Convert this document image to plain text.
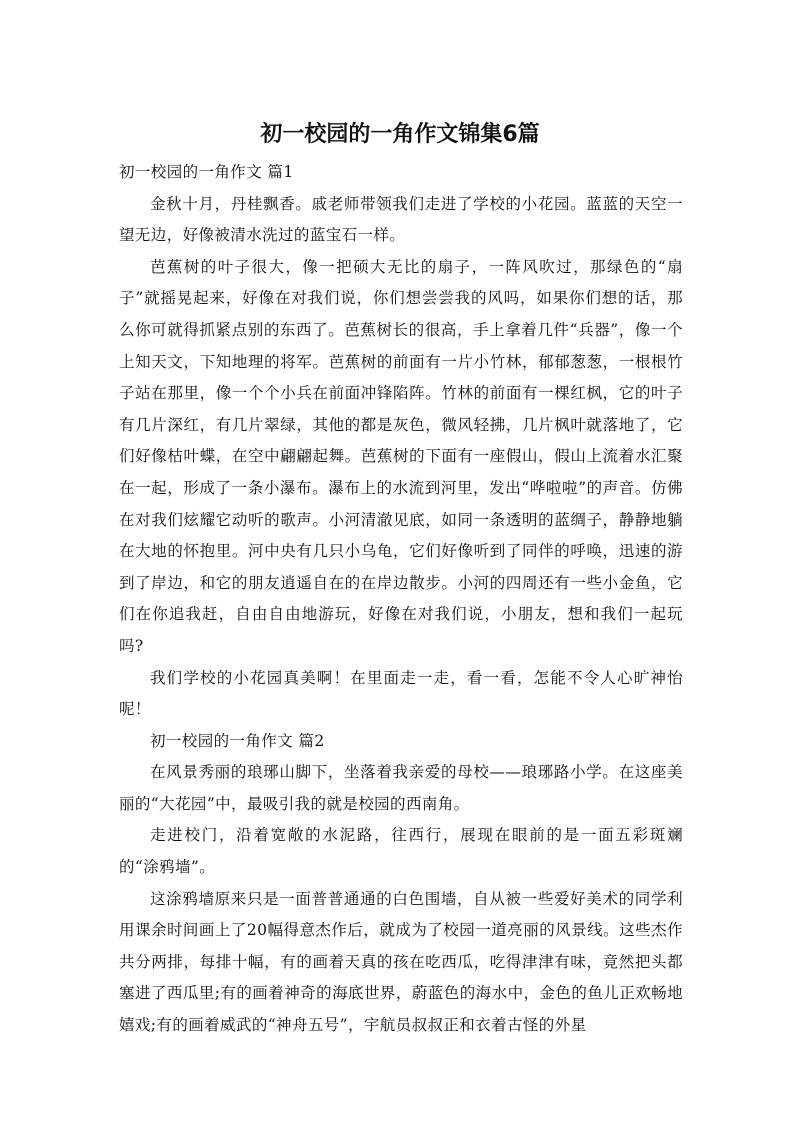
初一校园的一角作文锦集6篇

初一校园的一角作文 篇1

金秋十月，丹桂飘香。戚老师带领我们走进了学校的小花园。蓝蓝的天空一望无边，好像被清水洗过的蓝宝石一样。

芭蕉树的叶子很大，像一把硕大无比的扇子，一阵风吹过，那绿色的“扇子”就摇晃起来，好像在对我们说，你们想尝尝我的风吗，如果你们想的话，那么你可就得抓紧点别的东西了。芭蕉树长的很高，手上拿着几件“兵器”，像一个上知天文，下知地理的将军。芭蕉树的前面有一片小竹林，郁郁葱葱，一根根竹子站在那里，像一个个小兵在前面冲锋陷阵。竹林的前面有一棵红枫，它的叶子有几片深红，有几片翠绿，其他的都是灰色，微风轻拂，几片枫叶就落地了，它们好像枯叶蝶，在空中翩翩起舞。芭蕉树的下面有一座假山，假山上流着水汇聚在一起，形成了一条小瀑布。瀑布上的水流到河里，发出“哗啦啦”的声音。仿佛在对我们炫耀它动听的歌声。小河清澈见底，如同一条透明的蓝绸子，静静地躺在大地的怀抱里。河中央有几只小乌龟，它们好像听到了同伴的呼唤，迅速的游到了岸边，和它的朋友逍遥自在的在岸边散步。小河的四周还有一些小金鱼，它们在你追我赶，自由自由地游玩，好像在对我们说，小朋友，想和我们一起玩吗?

我们学校的小花园真美啊！在里面走一走，看一看，怎能不令人心旷神怡呢！

初一校园的一角作文 篇2

在风景秀丽的琅琊山脚下，坐落着我亲爱的母校——琅琊路小学。在这座美丽的“大花园”中，最吸引我的就是校园的西南角。

走进校门，沿着宽敞的水泥路，往西行，展现在眼前的是一面五彩斑斓的“涂鸦墙”。

这涂鸦墙原来只是一面普普通通的白色围墙，自从被一些爱好美术的同学利用课余时间画上了20幅得意杰作后，就成为了校园一道亮丽的风景线。这些杰作共分两排，每排十幅，有的画着天真的孩在吃西瓜，吃得津津有味，竟然把头都塞进了西瓜里;有的画着神奇的海底世界，蔚蓝色的海水中，金色的鱼儿正欢畅地嬉戏;有的画着威武的“神舟五号”，宇航员叔叔正和衣着古怪的外星
